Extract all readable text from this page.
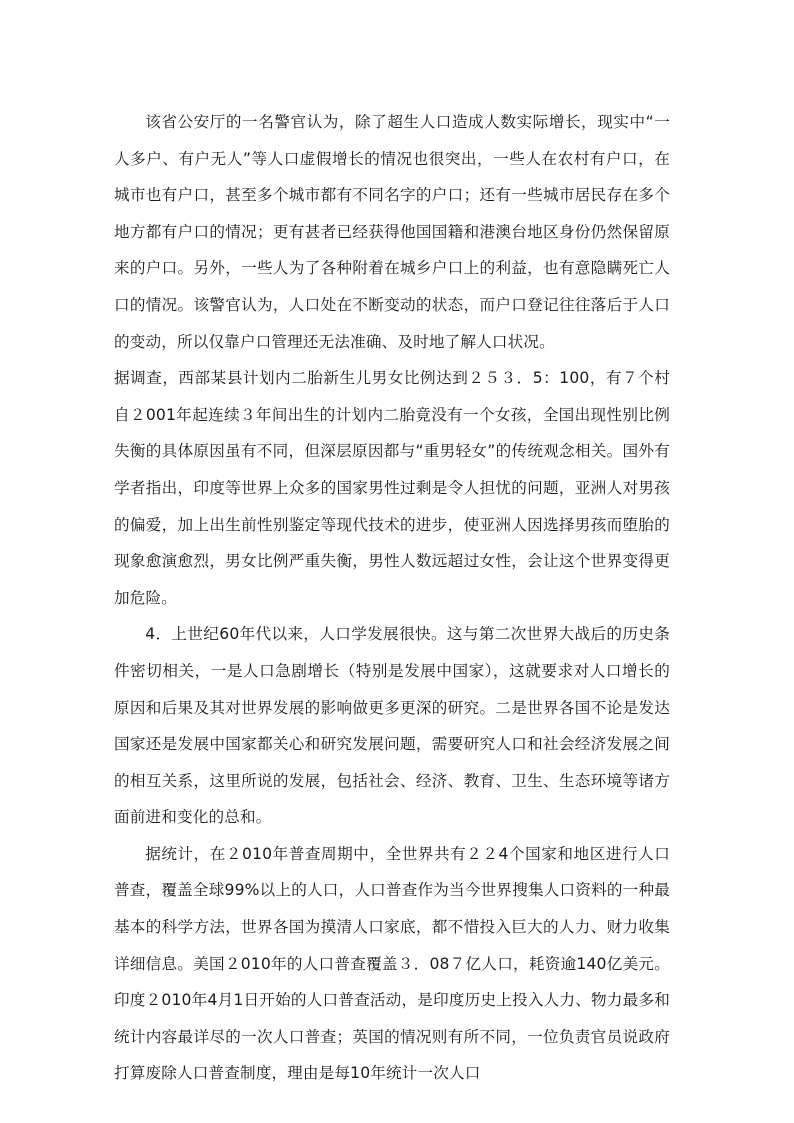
该省公安厅的一名警官认为，除了超生人口造成人数实际增长，现实中“一人多户、有户无人”等人口虚假增长的情况也很突出，一些人在农村有户口，在城市也有户口，甚至多个城市都有不同名字的户口；还有一些城市居民存在多个地方都有户口的情况；更有甚者已经获得他国国籍和港澳台地区身份仍然保留原来的户口。另外，一些人为了各种附着在城乡户口上的利益，也有意隐瞒死亡人口的情况。该警官认为，人口处在不断变动的状态，而户口登记往往落后于人口的变动，所以仅靠户口管理还无法准确、及时地了解人口状况。

据调查，西部某县计划内二胎新生儿男女比例达到２５３．5：100，有７个村自２001年起连续３年间出生的计划内二胎竟没有一个女孩，全国出现性别比例失衡的具体原因虽有不同，但深层原因都与“重男轻女”的传统观念相关。国外有学者指出，印度等世界上众多的国家男性过剩是令人担忧的问题，亚洲人对男孩的偏爱，加上出生前性别鉴定等现代技术的进步，使亚洲人因选择男孩而堕胎的现象愈演愈烈，男女比例严重失衡，男性人数远超过女性，会让这个世界变得更加危险。

4．上世纪60年代以来，人口学发展很快。这与第二次世界大战后的历史条件密切相关，一是人口急剧增长（特别是发展中国家），这就要求对人口增长的原因和后果及其对世界发展的影响做更多更深的研究。二是世界各国不论是发达国家还是发展中国家都关心和研究发展问题，需要研究人口和社会经济发展之间的相互关系，这里所说的发展，包括社会、经济、教育、卫生、生态环境等诸方面前进和变化的总和。

据统计，在２010年普查周期中，全世界共有２２4个国家和地区进行人口普查，覆盖全球99%以上的人口，人口普查作为当今世界搜集人口资料的一种最基本的科学方法，世界各国为摸清人口家底，都不惜投入巨大的人力、财力收集详细信息。美国２010年的人口普查覆盖３．08７亿人口，耗资逾140亿美元。印度２010年4月1日开始的人口普查活动，是印度历史上投入人力、物力最多和统计内容最详尽的一次人口普查；英国的情况则有所不同，一位负责官员说政府打算废除人口普查制度，理由是每10年统计一次人口
